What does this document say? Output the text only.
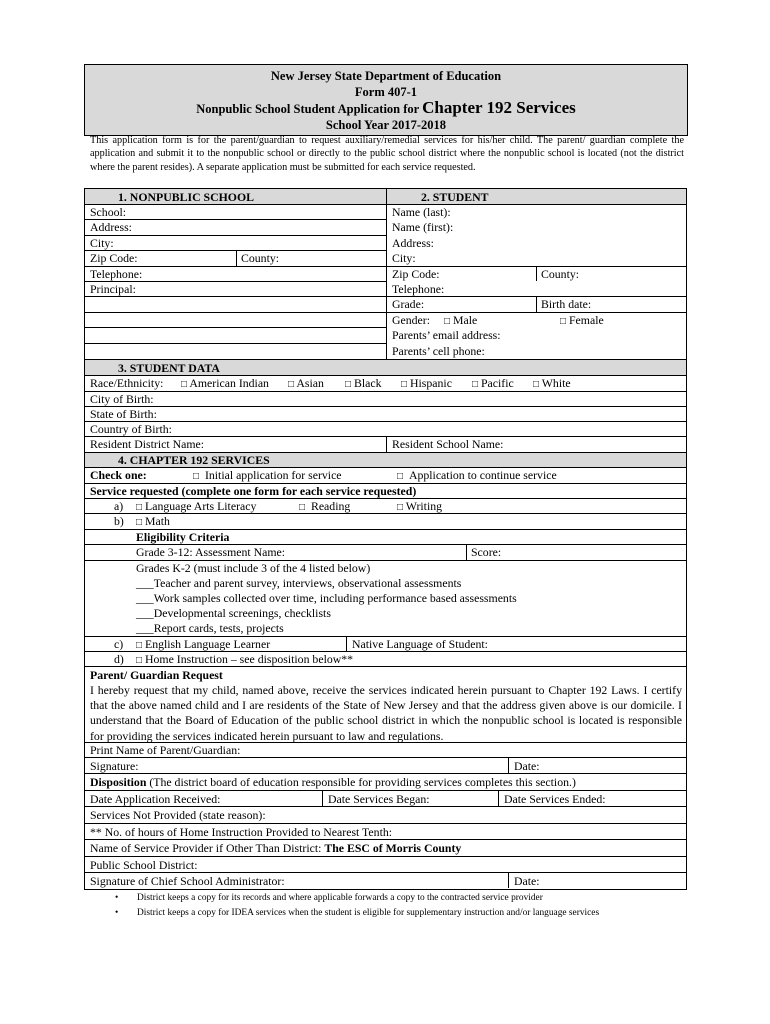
New Jersey State Department of Education
Form 407-1
Nonpublic School Student Application for Chapter 192 Services
School Year 2017-2018
This application form is for the parent/guardian to request auxiliary/remedial services for his/her child. The parent/ guardian complete the application and submit it to the nonpublic school or directly to the public school district where the nonpublic school is located (not the district where the parent resides). A separate application must be submitted for each service requested.
1. NONPUBLIC SCHOOL	2. STUDENT
School:
Address:
City:
Zip Code:	County:
Telephone:
Principal:
Name (last):
Name (first):
Address:
City:
Zip Code:	County:
Telephone:
Grade:	Birth date:
Gender: □ Male	□ Female
Parents’ email address:
Parents’ cell phone:
3. STUDENT DATA
Race/Ethnicity: □ American Indian □ Asian □ Black □ Hispanic □ Pacific □ White
City of Birth:
State of Birth:
Country of Birth:
Resident District Name:	Resident School Name:
4. CHAPTER 192 SERVICES
Check one:	□ Initial application for service	□ Application to continue service
Service requested (complete one form for each service requested)
a) □ Language Arts Literacy	□ Reading	□ Writing
b) □ Math
Eligibility Criteria
Grade 3-12: Assessment Name:	Score:
Grades K-2 (must include 3 of the 4 listed below)
___Teacher and parent survey, interviews, observational assessments
___Work samples collected over time, including performance based assessments
___Developmental screenings, checklists
___Report cards, tests, projects
c) □ English Language Learner	Native Language of Student:
d) □ Home Instruction – see disposition below**
Parent/ Guardian Request
I hereby request that my child, named above, receive the services indicated herein pursuant to Chapter 192 Laws. I certify that the above named child and I are residents of the State of New Jersey and that the address given above is our domicile. I understand that the Board of Education of the public school district in which the nonpublic school is located is responsible for providing the services indicated herein pursuant to law and regulations.
Print Name of Parent/Guardian:
Signature:	Date:
Disposition (The district board of education responsible for providing services completes this section.)
Date Application Received:	Date Services Began:	Date Services Ended:
Services Not Provided (state reason):
** No. of hours of Home Instruction Provided to Nearest Tenth:
Name of Service Provider if Other Than District: The ESC of Morris County
Public School District:
Signature of Chief School Administrator:	Date:
• District keeps a copy for its records and where applicable forwards a copy to the contracted service provider
• District keeps a copy for IDEA services when the student is eligible for supplementary instruction and/or language services
